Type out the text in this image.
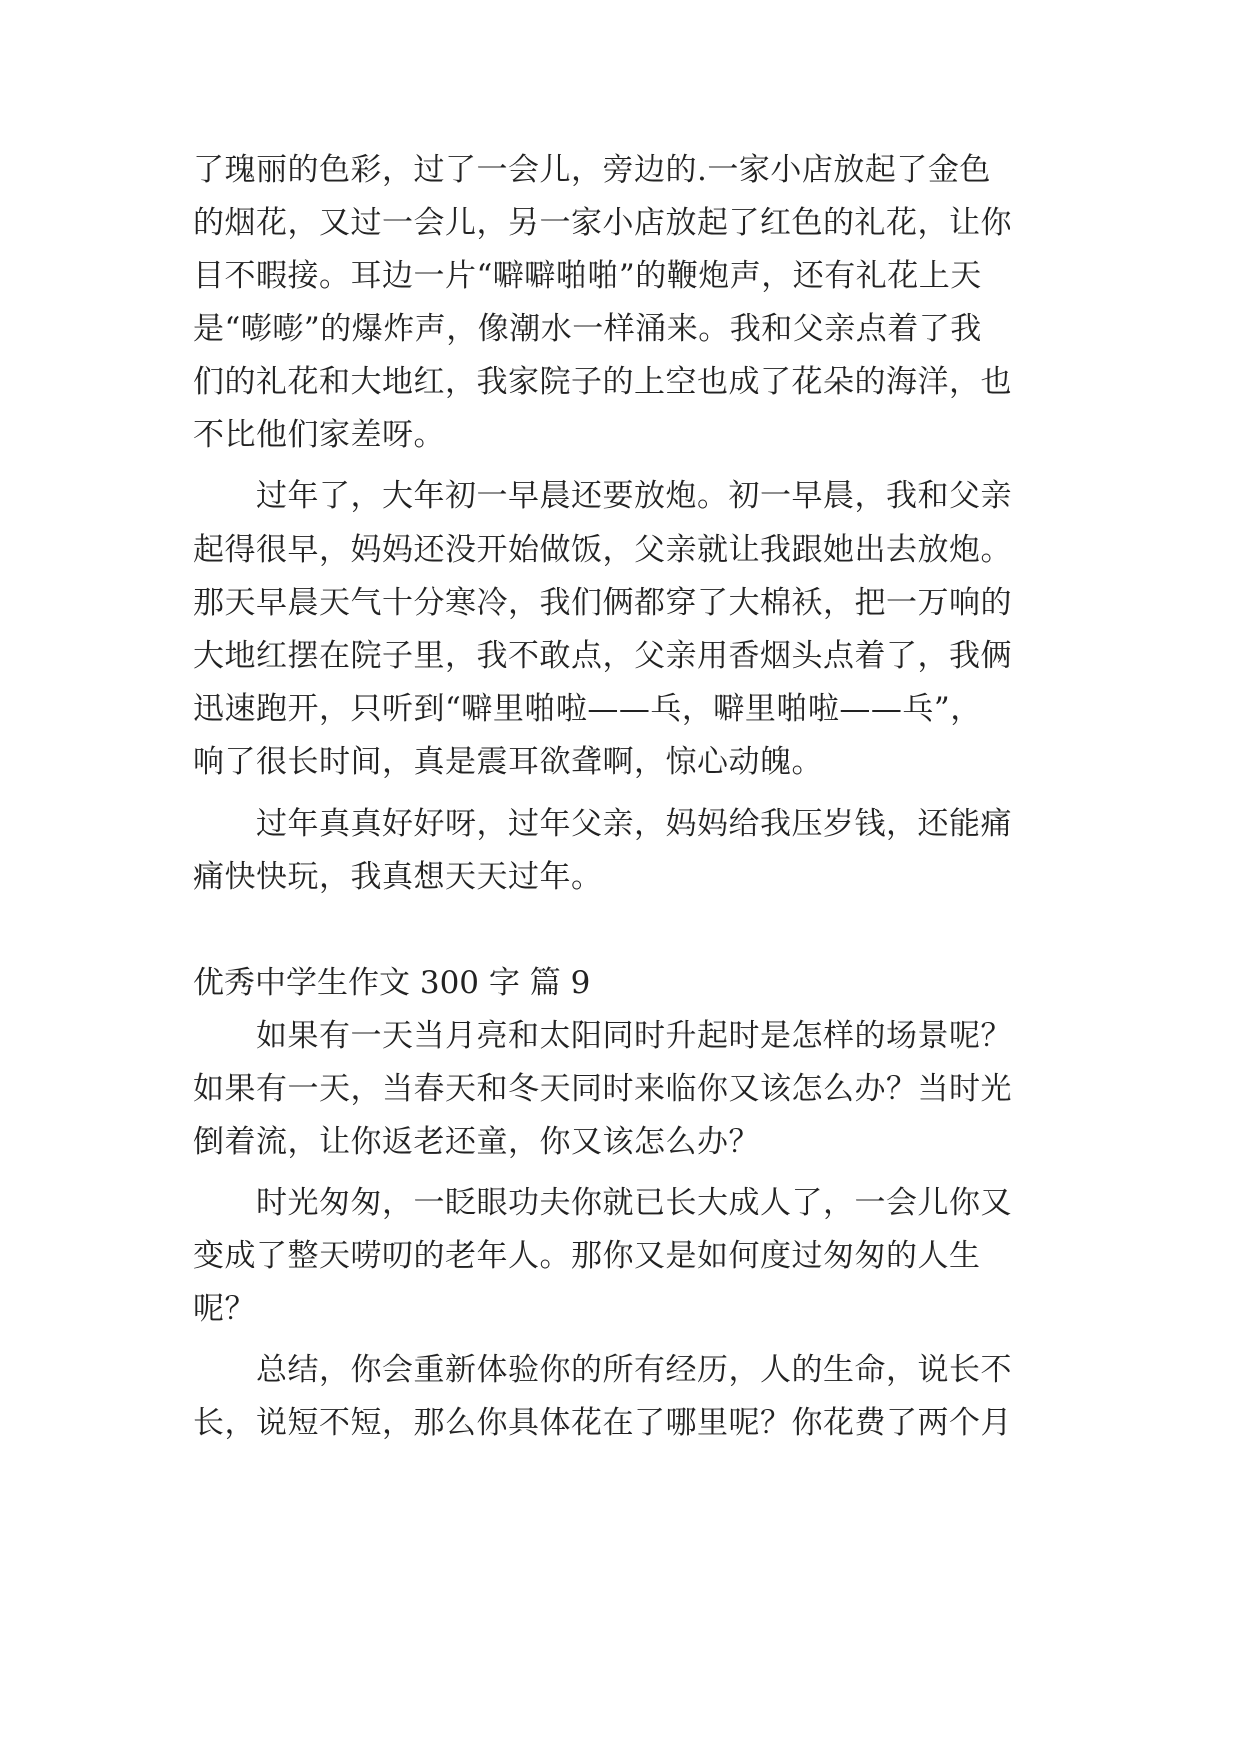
了瑰丽的色彩，过了一会儿，旁边的.一家小店放起了金色
的烟花，又过一会儿，另一家小店放起了红色的礼花，让你
目不暇接。耳边一片“噼噼啪啪”的鞭炮声，还有礼花上天
是“嘭嘭”的爆炸声，像潮水一样涌来。我和父亲点着了我
们的礼花和大地红，我家院子的上空也成了花朵的海洋，也
不比他们家差呀。
过年了，大年初一早晨还要放炮。初一早晨，我和父亲
起得很早，妈妈还没开始做饭，父亲就让我跟她出去放炮。
那天早晨天气十分寒冷，我们俩都穿了大棉袄，把一万响的
大地红摆在院子里，我不敢点，父亲用香烟头点着了，我俩
迅速跑开，只听到“噼里啪啦——乓，噼里啪啦——乓”，
响了很长时间，真是震耳欲聋啊，惊心动魄。
过年真真好好呀，过年父亲，妈妈给我压岁钱，还能痛
痛快快玩，我真想天天过年。
优秀中学生作文 300 字 篇 9
如果有一天当月亮和太阳同时升起时是怎样的场景呢？
如果有一天，当春天和冬天同时来临你又该怎么办？当时光
倒着流，让你返老还童，你又该怎么办？
时光匆匆，一眨眼功夫你就已长大成人了，一会儿你又
变成了整天唠叨的老年人。那你又是如何度过匆匆的人生
呢？
总结，你会重新体验你的所有经历，人的生命，说长不
长，说短不短，那么你具体花在了哪里呢？你花费了两个月
